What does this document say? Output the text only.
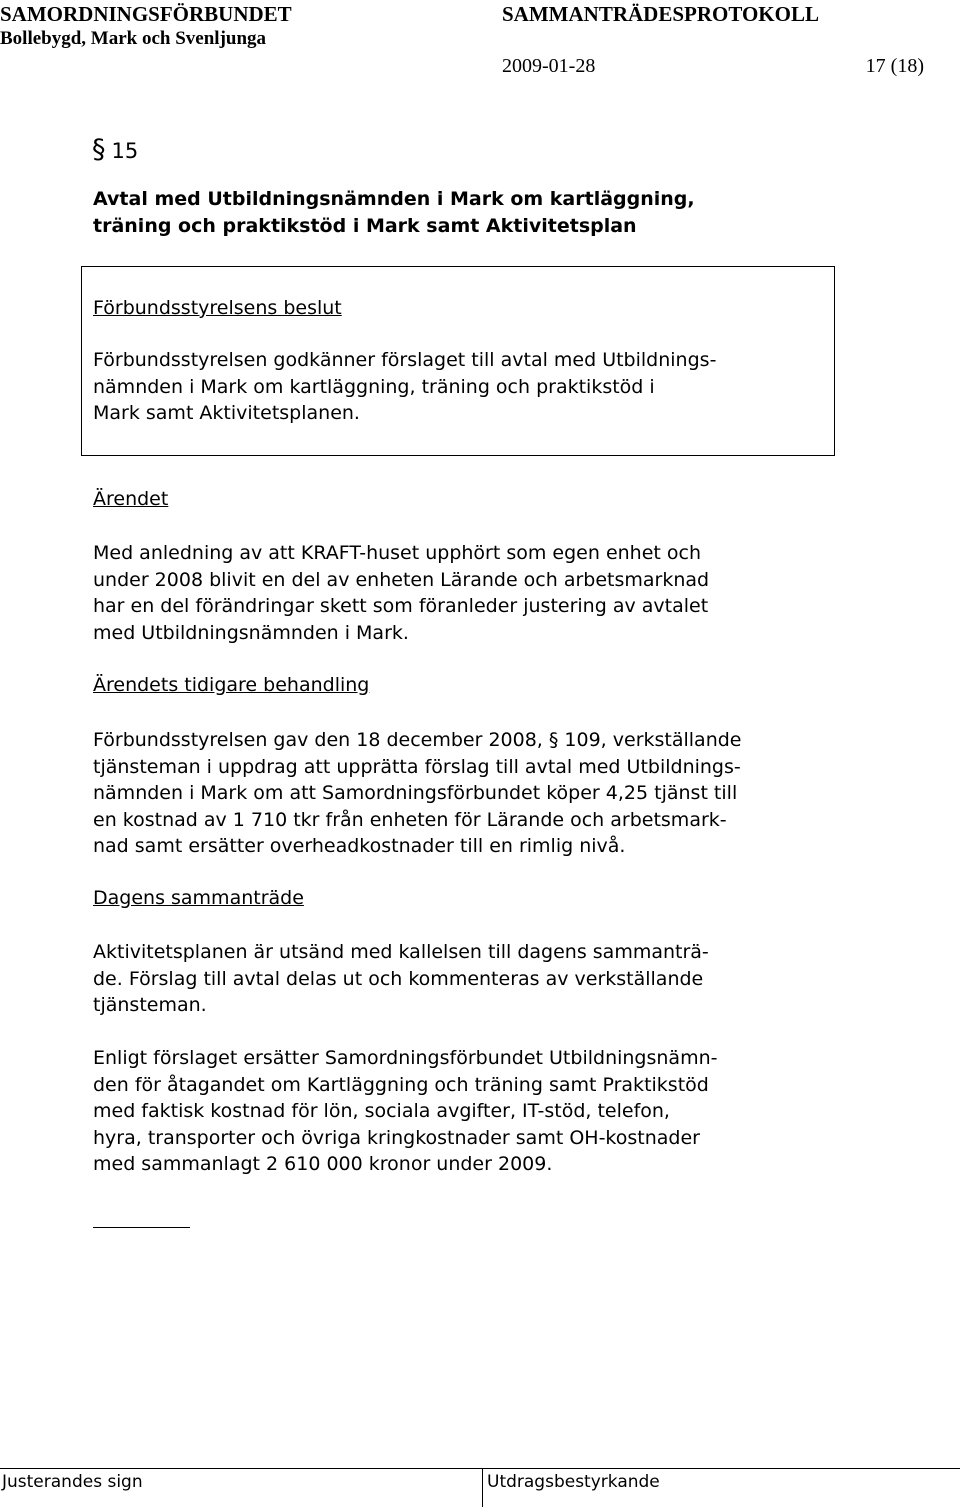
SAMORDNINGSFÖRBUNDET
Bollebygd, Mark och Svenljunga
SAMMANTRÄDESPROTOKOLL
2009-01-28	17 (18)
§ 15
Avtal med Utbildningsnämnden i Mark om kartläggning,
träning och praktikstöd i Mark samt Aktivitetsplan
Förbundsstyrelsens beslut
Förbundsstyrelsen godkänner förslaget till avtal med Utbildnings-
nämnden i Mark om kartläggning, träning och praktikstöd i
Mark samt Aktivitetsplanen.
Ärendet
Med anledning av att KRAFT-huset upphört som egen enhet och
under 2008 blivit en del av enheten Lärande och arbetsmarknad
har en del förändringar skett som föranleder justering av avtalet
med Utbildningsnämnden i Mark.
Ärendets tidigare behandling
Förbundsstyrelsen gav den 18 december 2008, § 109, verkställande
tjänsteman i uppdrag att upprätta förslag till avtal med Utbildnings-
nämnden i Mark om att Samordningsförbundet köper 4,25 tjänst till
en kostnad av 1 710 tkr från enheten för Lärande och arbetsmark-
nad samt ersätter overheadkostnader till en rimlig nivå.
Dagens sammanträde
Aktivitetsplanen är utsänd med kallelsen till dagens sammanträ-
de. Förslag till avtal delas ut och kommenteras av verkställande
tjänsteman.
Enligt förslaget ersätter Samordningsförbundet Utbildningsnämn-
den för åtagandet om Kartläggning och träning samt Praktikstöd
med faktisk kostnad för lön, sociala avgifter, IT-stöd, telefon,
hyra, transporter och övriga kringkostnader samt OH-kostnader
med sammanlagt 2 610 000 kronor under 2009.
Justerandes sign	Utdragsbestyrkande
